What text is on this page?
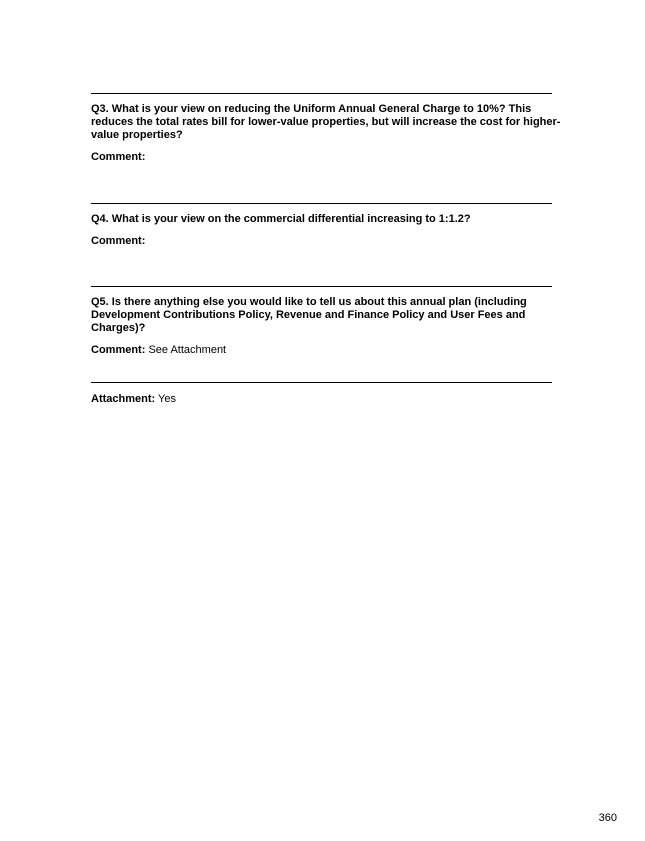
Q3. What is your view on reducing the Uniform Annual General Charge to 10%? This reduces the total rates bill for lower-value properties, but will increase the cost for higher-value properties?

Comment:

Q4. What is your view on the commercial differential increasing to 1:1.2?

Comment:

Q5. Is there anything else you would like to tell us about this annual plan (including Development Contributions Policy, Revenue and Finance Policy and User Fees and Charges)?

Comment: See Attachment

Attachment: Yes

360
